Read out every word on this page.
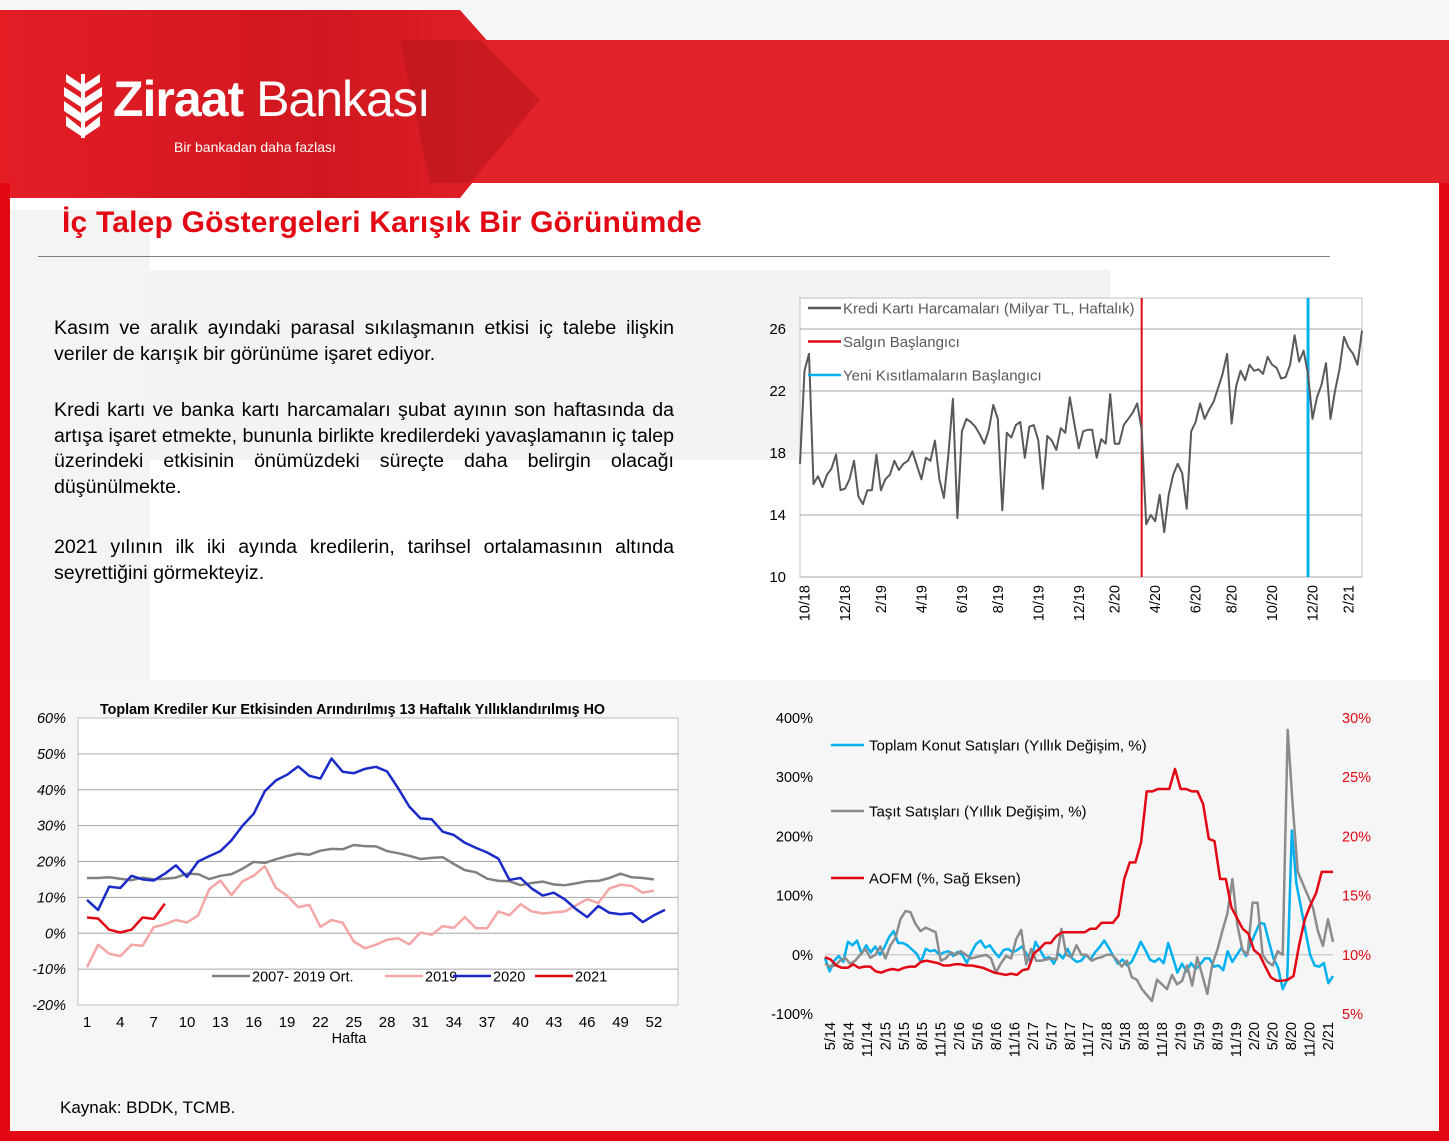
Ziraat Bankası
Bir bankadan daha fazlası
İç Talep Göstergeleri Karışık Bir Görünümde
Kasım ve aralık ayındaki parasal sıkılaşmanın etkisi iç talebe ilişkin veriler de karışık bir görünüme işaret ediyor.
Kredi kartı ve banka kartı harcamaları şubat ayının son haftasında da artışa işaret etmekte, bununla birlikte kredilerdeki yavaşlamanın iç talep üzerindeki etkisinin önümüzdeki süreçte daha belirgin olacağı düşünülmekte.
2021 yılının ilk iki ayında kredilerin, tarihsel ortalamasının altında seyrettiğini görmekteyiz.
Kaynak: BDDK, TCMB.
10
14
18
22
26
10/18 12/18 2/19 4/19 6/19 8/19 10/19 12/19 2/20 4/20 6/20 8/20 10/20 12/20 2/21
Kredi Kartı Harcamaları (Milyar TL, Haftalık)
Salgın Başlangıcı
Yeni Kısıtlamaların Başlangıcı
Toplam Krediler Kur Etkisinden Arındırılmış 13 Haftalık Yıllıklandırılmış HO
60%
50%
40%
30%
20%
10%
0%
-10%
-20%
1 4 7 10 13 16 19 22 25 28 31 34 37 40 43 46 49 52
Hafta
2007- 2019 Ort.	2019 2020	2021
400%
300%
200%
100%
0%
-100%
30%
25%
20%
15%
10%
5%
5/14 8/14 11/14 2/15 5/15 8/15 11/15 2/16 5/16 8/16 11/16 2/17 5/17 8/17 11/17 2/18 5/18 8/18 11/18 2/19 5/19 8/19 11/19 2/20 5/20 8/20 11/20 2/21
Toplam Konut Satışları (Yıllık Değişim, %)
Taşıt Satışları (Yıllık Değişim, %)
AOFM (%, Sağ Eksen)
